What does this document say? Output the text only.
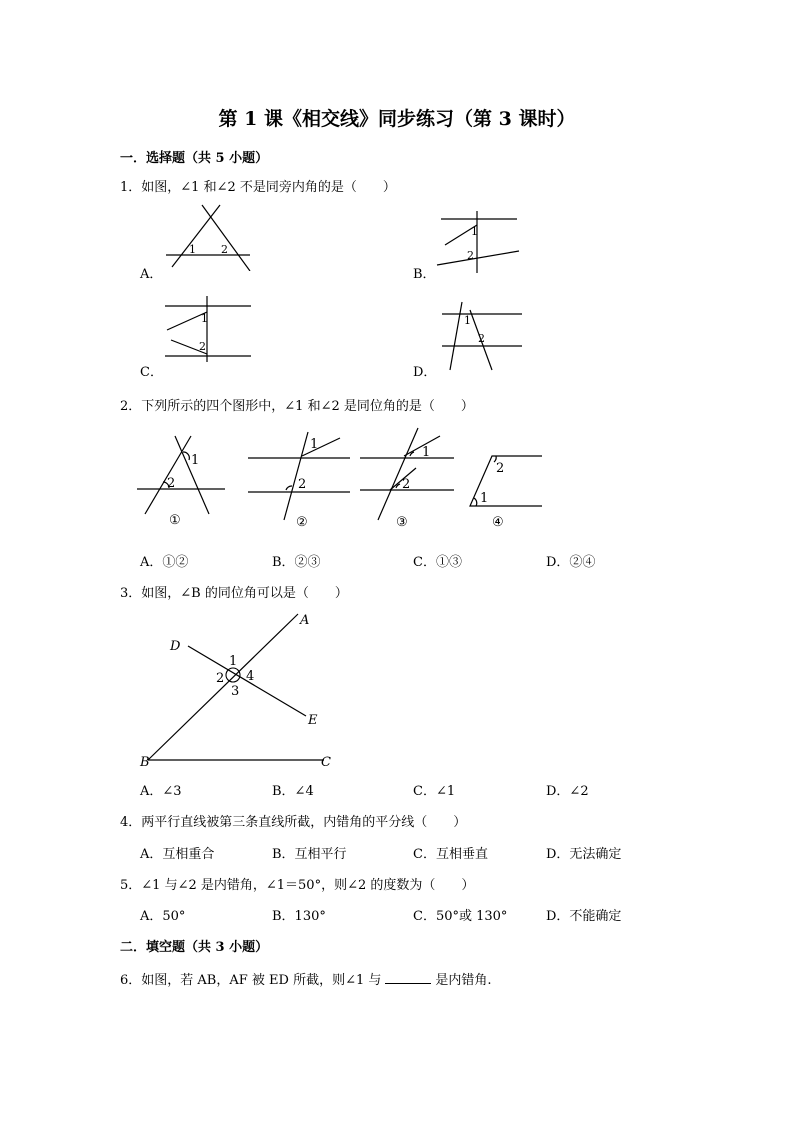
第 1 课《相交线》同步练习（第 3 课时）
一．选择题（共 5 小题）
1．如图，∠1 和∠2 不是同旁内角的是（　　）
1 2
A．
1
2
B．
1
2
C．
1
2
D．
2．下列所示的四个图形中，∠1 和∠2 是同位角的是（　　）
1
2
①
1
2
②
1
2
③
2
1
④
A．①②	B．②③	C．①③	D．②④
3．如图，∠B 的同位角可以是（　　）
A
D
E
B	C
1
2
3
4
A．∠3	B．∠4	C．∠1	D．∠2
4．两平行直线被第三条直线所截，内错角的平分线（　　）
A．互相重合	B．互相平行	C．互相垂直	D．无法确定
5．∠1 与∠2 是内错角，∠1＝50°，则∠2 的度数为（　　）
A．50°	B．130°	C．50°或 130°	D．不能确定
二．填空题（共 3 小题）
6．如图，若 AB，AF 被 ED 所截，则∠1 与	是内错角.
